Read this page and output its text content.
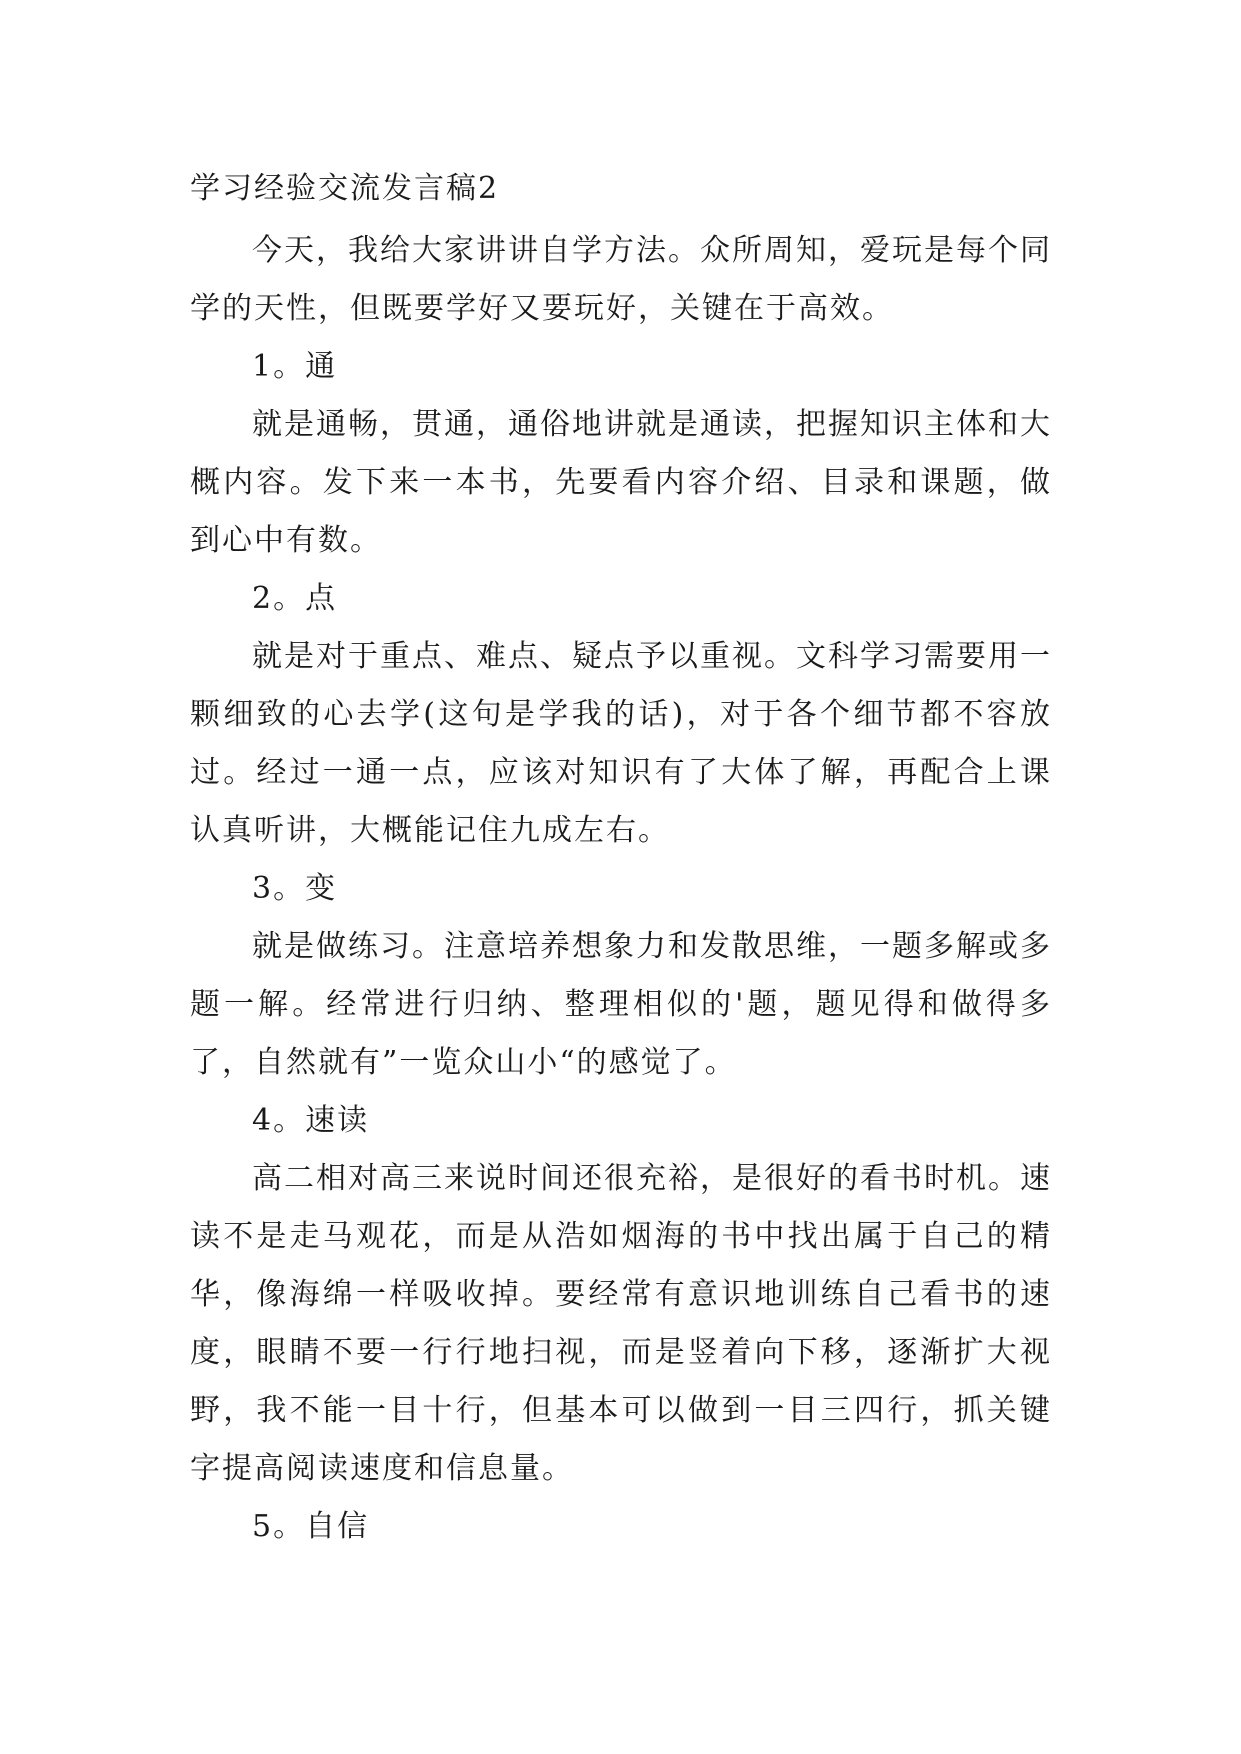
学习经验交流发言稿2

今天，我给大家讲讲自学方法。众所周知，爱玩是每个同学的天性，但既要学好又要玩好，关键在于高效。

1。通

就是通畅，贯通，通俗地讲就是通读，把握知识主体和大概内容。发下来一本书，先要看内容介绍、目录和课题，做到心中有数。

2。点

就是对于重点、难点、疑点予以重视。文科学习需要用一颗细致的心去学(这句是学我的话)，对于各个细节都不容放过。经过一通一点，应该对知识有了大体了解，再配合上课认真听讲，大概能记住九成左右。

3。变

就是做练习。注意培养想象力和发散思维，一题多解或多题一解。经常进行归纳、整理相似的'题，题见得和做得多了，自然就有”一览众山小“的感觉了。

4。速读

高二相对高三来说时间还很充裕，是很好的看书时机。速读不是走马观花，而是从浩如烟海的书中找出属于自己的精华，像海绵一样吸收掉。要经常有意识地训练自己看书的速度，眼睛不要一行行地扫视，而是竖着向下移，逐渐扩大视野，我不能一目十行，但基本可以做到一目三四行，抓关键字提高阅读速度和信息量。

5。自信
